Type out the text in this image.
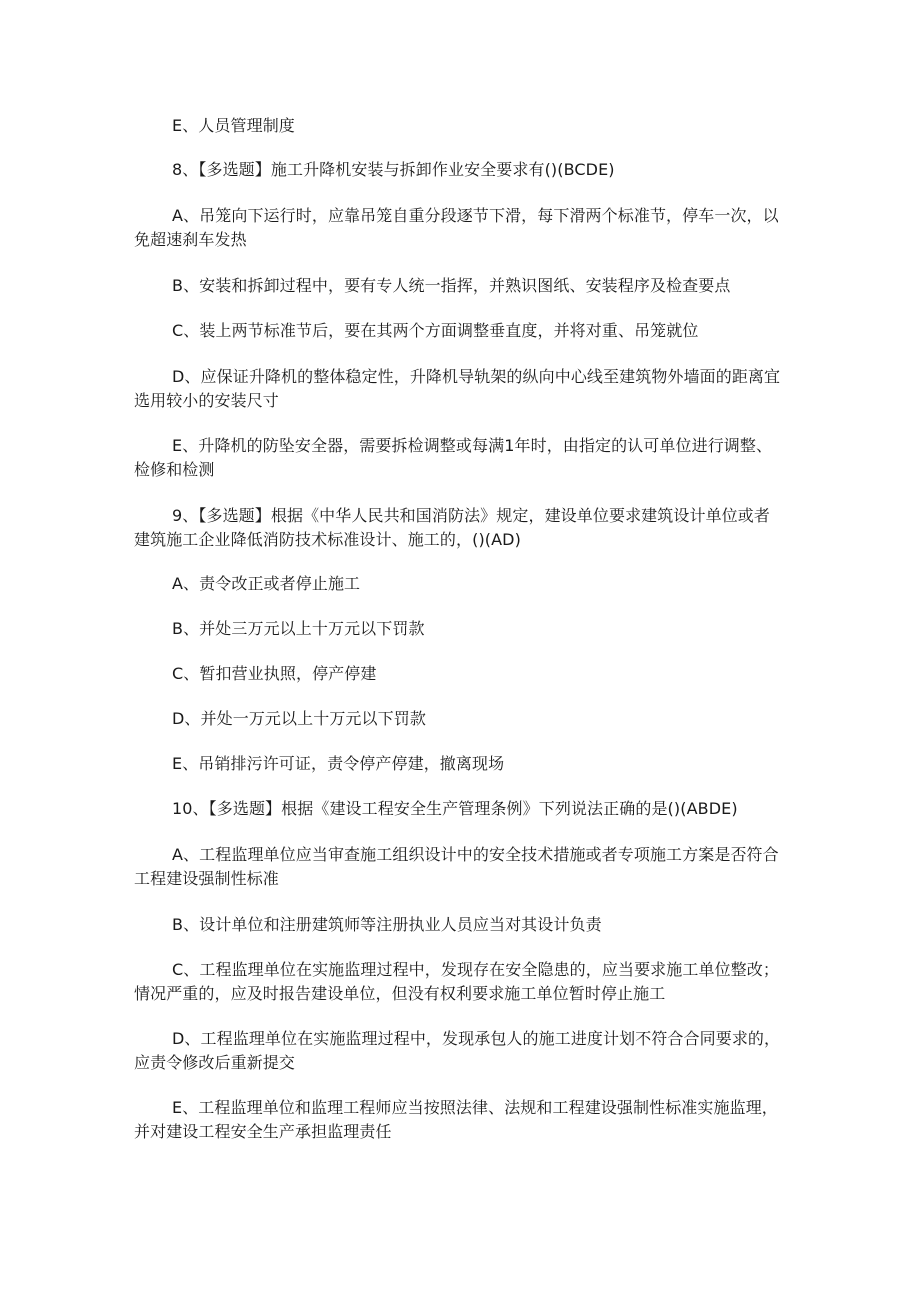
E、人员管理制度

8、【多选题】施工升降机安装与拆卸作业安全要求有()(BCDE)

A、吊笼向下运行时，应靠吊笼自重分段逐节下滑，每下滑两个标准节，停车一次，以免超速刹车发热

B、安装和拆卸过程中，要有专人统一指挥，并熟识图纸、安装程序及检查要点

C、装上两节标准节后，要在其两个方面调整垂直度，并将对重、吊笼就位

D、应保证升降机的整体稳定性，升降机导轨架的纵向中心线至建筑物外墙面的距离宜选用较小的安装尺寸

E、升降机的防坠安全器，需要拆检调整或每满1年时，由指定的认可单位进行调整、检修和检测

9、【多选题】根据《中华人民共和国消防法》规定，建设单位要求建筑设计单位或者建筑施工企业降低消防技术标准设计、施工的，()(AD)

A、责令改正或者停止施工

B、并处三万元以上十万元以下罚款

C、暂扣营业执照，停产停建

D、并处一万元以上十万元以下罚款

E、吊销排污许可证，责令停产停建，撤离现场

10、【多选题】根据《建设工程安全生产管理条例》下列说法正确的是()(ABDE)

A、工程监理单位应当审查施工组织设计中的安全技术措施或者专项施工方案是否符合工程建设强制性标准

B、设计单位和注册建筑师等注册执业人员应当对其设计负责

C、工程监理单位在实施监理过程中，发现存在安全隐患的，应当要求施工单位整改；情况严重的，应及时报告建设单位，但没有权利要求施工单位暂时停止施工

D、工程监理单位在实施监理过程中，发现承包人的施工进度计划不符合合同要求的，应责令修改后重新提交

E、工程监理单位和监理工程师应当按照法律、法规和工程建设强制性标准实施监理，并对建设工程安全生产承担监理责任
